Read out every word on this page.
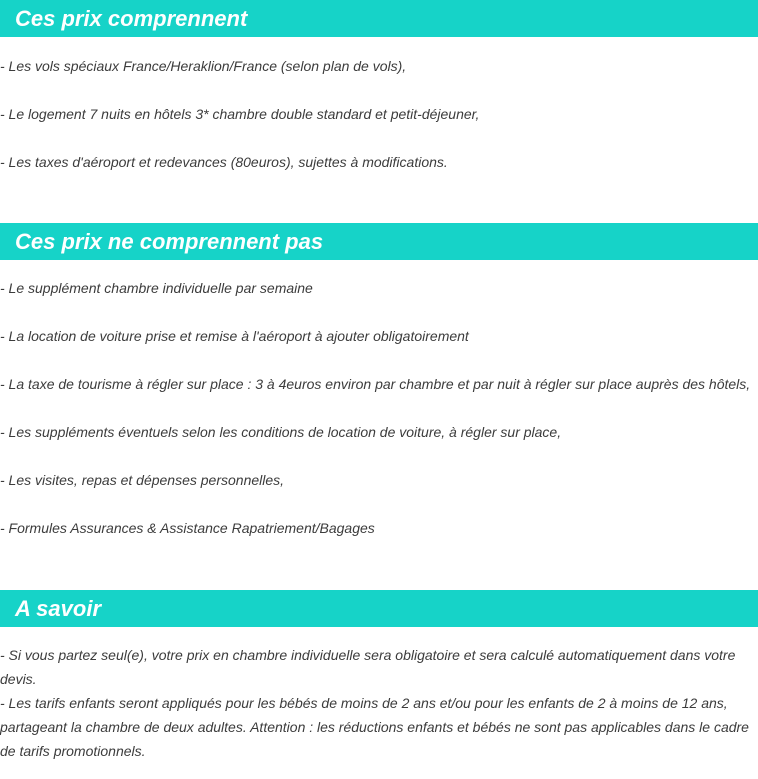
Ces prix comprennent

- Les vols spéciaux France/Heraklion/France (selon plan de vols),

- Le logement 7 nuits en hôtels 3* chambre double standard et petit-déjeuner,

- Les taxes d'aéroport et redevances (80euros), sujettes à modifications.

Ces prix ne comprennent pas

- Le supplément chambre individuelle par semaine

- La location de voiture prise et remise à l'aéroport à ajouter obligatoirement

- La taxe de tourisme à régler sur place : 3 à 4euros environ par chambre et par nuit à régler sur place auprès des hôtels,

- Les suppléments éventuels selon les conditions de location de voiture, à régler sur place,

- Les visites, repas et dépenses personnelles,

- Formules Assurances & Assistance Rapatriement/Bagages

A savoir

- Si vous partez seul(e), votre prix en chambre individuelle sera obligatoire et sera calculé automatiquement dans votre devis.

- Les tarifs enfants seront appliqués pour les bébés de moins de 2 ans et/ou pour les enfants de 2 à moins de 12 ans, partageant la chambre de deux adultes. Attention : les réductions enfants et bébés ne sont pas applicables dans le cadre de tarifs promotionnels.
